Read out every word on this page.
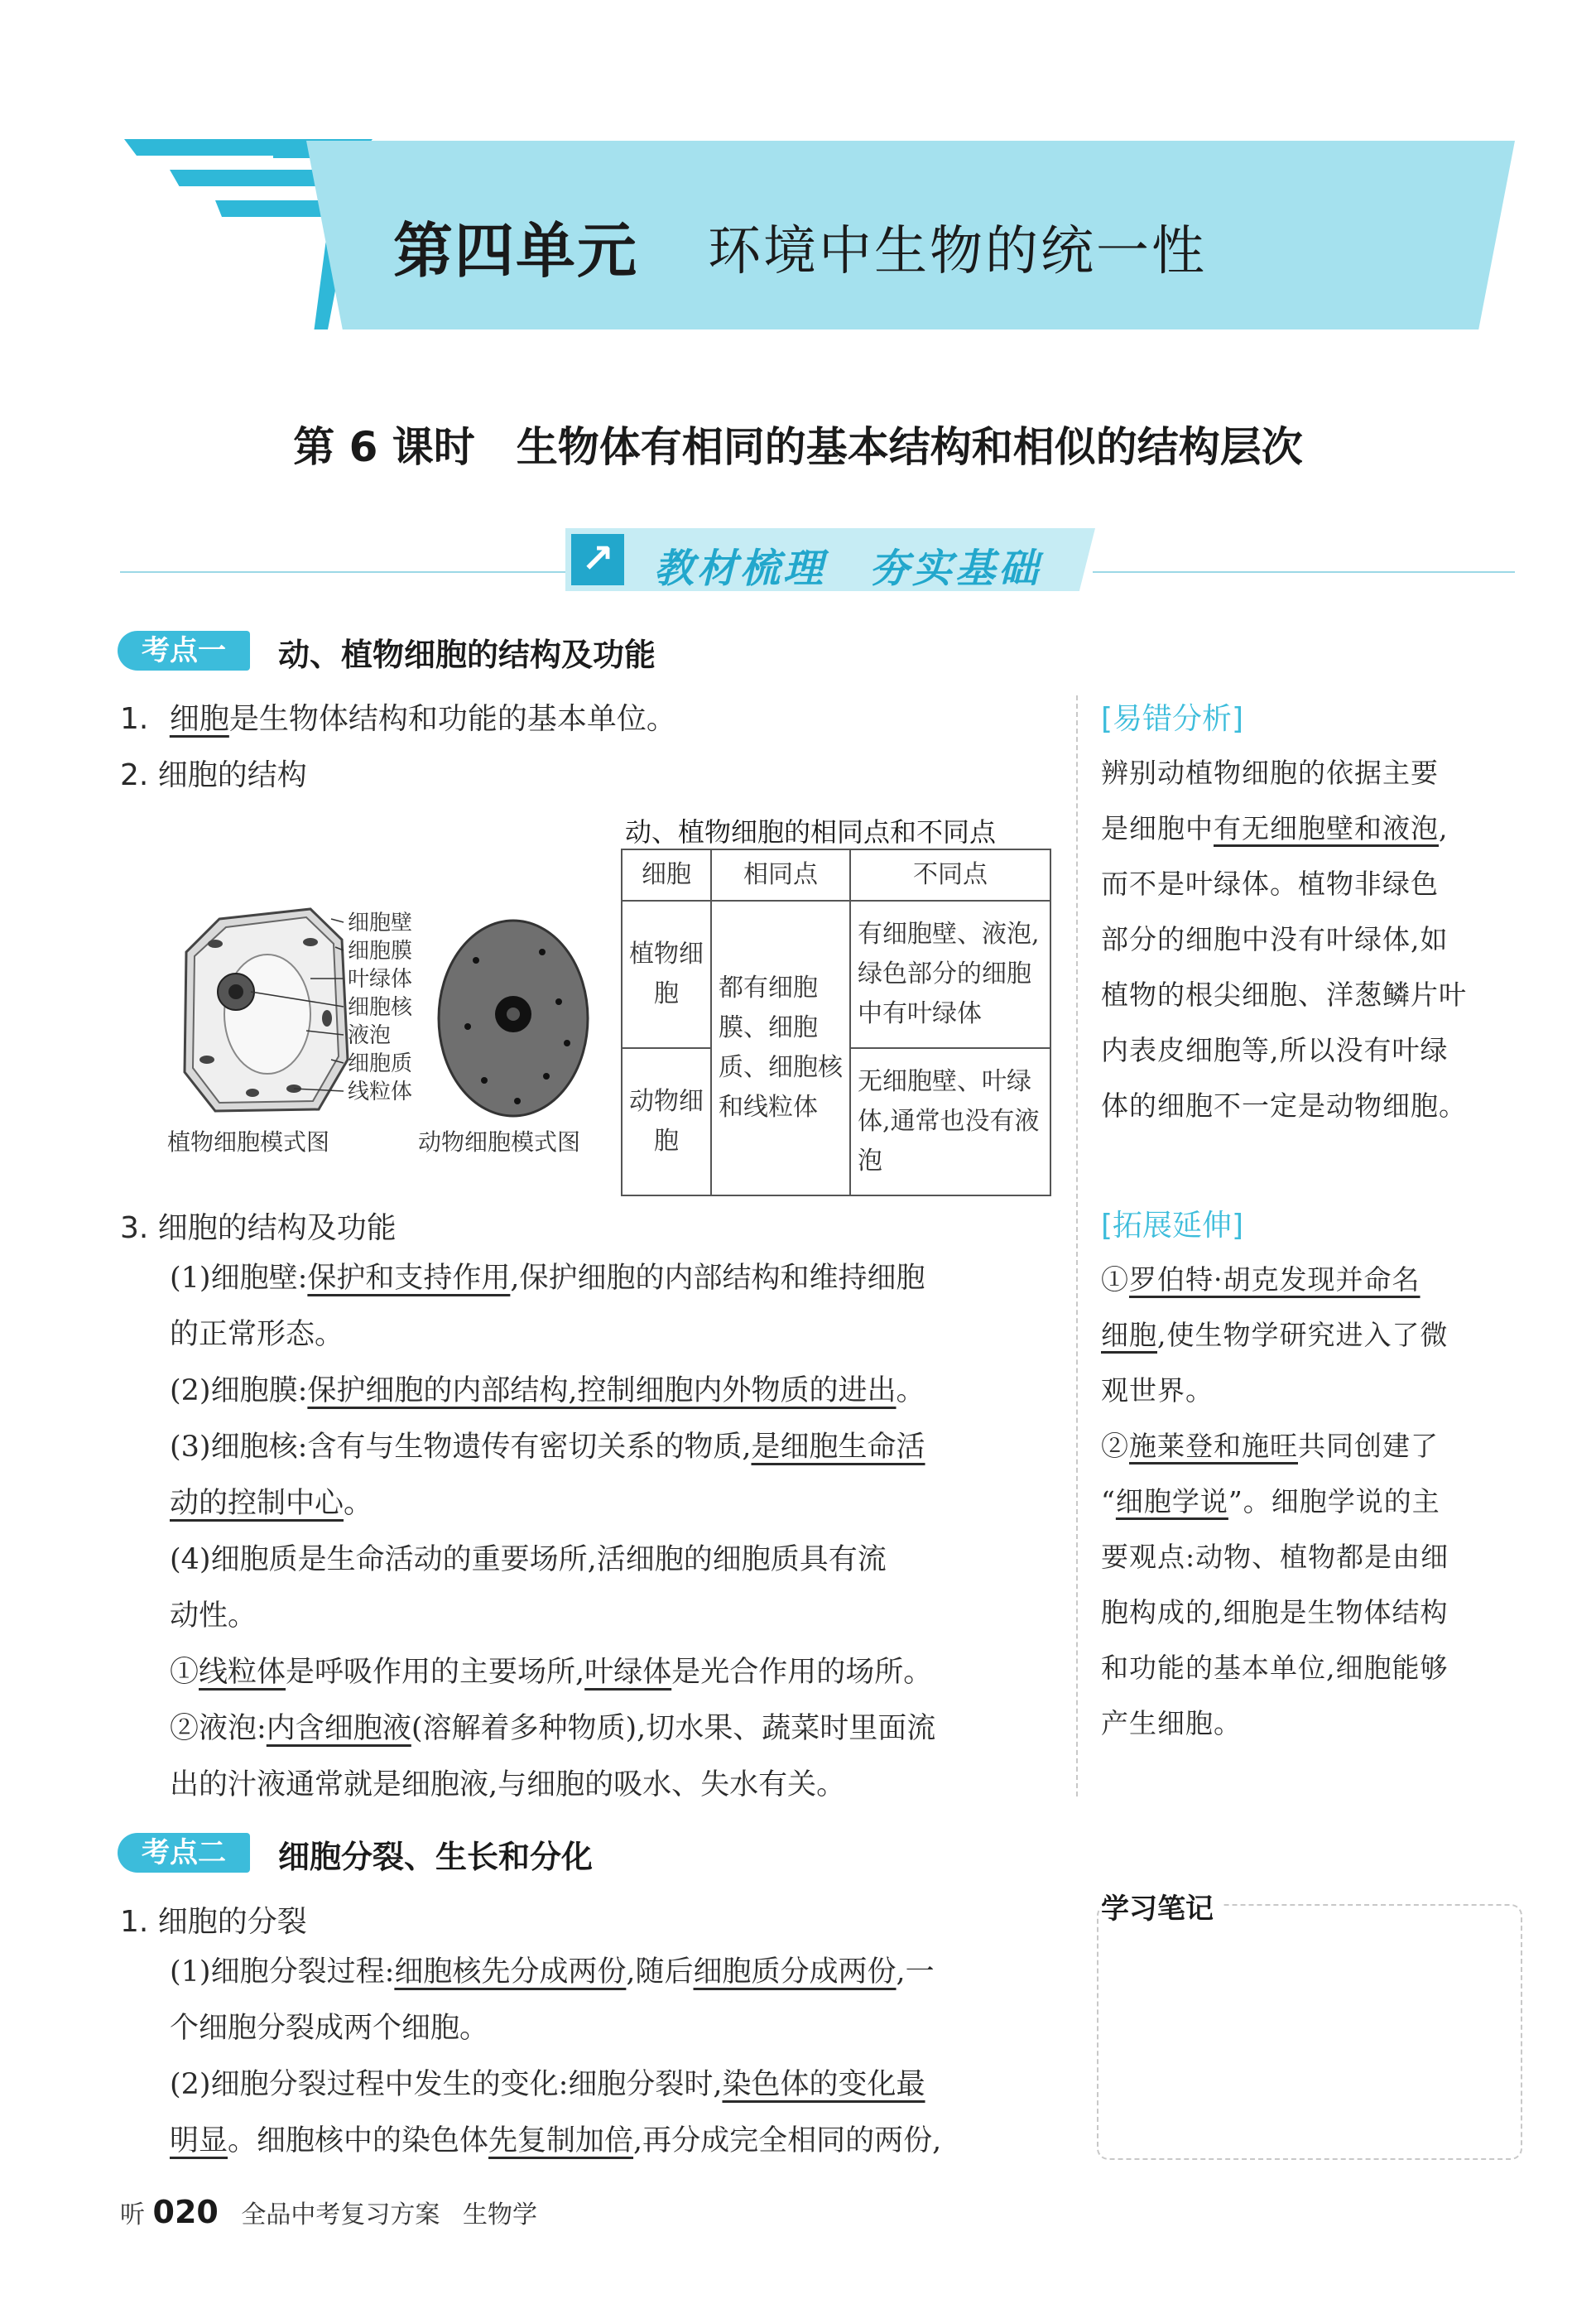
第四单元 环境中生物的统一性
第 6 课时　生物体有相同的基本结构和相似的结构层次
↗ 教材梳理　夯实基础
考点一	动、植物细胞的结构及功能
1. 细胞是生物体结构和功能的基本单位。
2. 细胞的结构
细胞壁
细胞膜
叶绿体
细胞核
液泡
细胞质
线粒体
植物细胞模式图	动物细胞模式图
动、植物细胞的相同点和不同点
细胞	相同点	不同点
植物细胞	都有细胞膜、细胞质、细胞核和线粒体	有细胞壁、液泡,绿色部分的细胞中有叶绿体
动物细胞		无细胞壁、叶绿体,通常也没有液泡
3. 细胞的结构及功能
(1)细胞壁:保护和支持作用,保护细胞的内部结构和维持细胞
的正常形态。
(2)细胞膜:保护细胞的内部结构,控制细胞内外物质的进出。
(3)细胞核:含有与生物遗传有密切关系的物质,是细胞生命活
动的控制中心。
(4)细胞质是生命活动的重要场所,活细胞的细胞质具有流
动性。
①线粒体是呼吸作用的主要场所,叶绿体是光合作用的场所。
②液泡:内含细胞液(溶解着多种物质),切水果、蔬菜时里面流
出的汁液通常就是细胞液,与细胞的吸水、失水有关。
考点二	细胞分裂、生长和分化
1. 细胞的分裂
(1)细胞分裂过程:细胞核先分成两份,随后细胞质分成两份,一
个细胞分裂成两个细胞。
(2)细胞分裂过程中发生的变化:细胞分裂时,染色体的变化最
明显。细胞核中的染色体先复制加倍,再分成完全相同的两份,
[易错分析]
辨别动植物细胞的依据主要
是细胞中有无细胞壁和液泡,
而不是叶绿体。植物非绿色
部分的细胞中没有叶绿体,如
植物的根尖细胞、洋葱鳞片叶
内表皮细胞等,所以没有叶绿
体的细胞不一定是动物细胞。
[拓展延伸]
①罗伯特·胡克发现并命名
细胞,使生物学研究进入了微
观世界。
②施莱登和施旺共同创建了
“细胞学说”。细胞学说的主
要观点:动物、植物都是由细
胞构成的,细胞是生物体结构
和功能的基本单位,细胞能够
产生细胞。
学习笔记
听 020 全品中考复习方案 生物学
